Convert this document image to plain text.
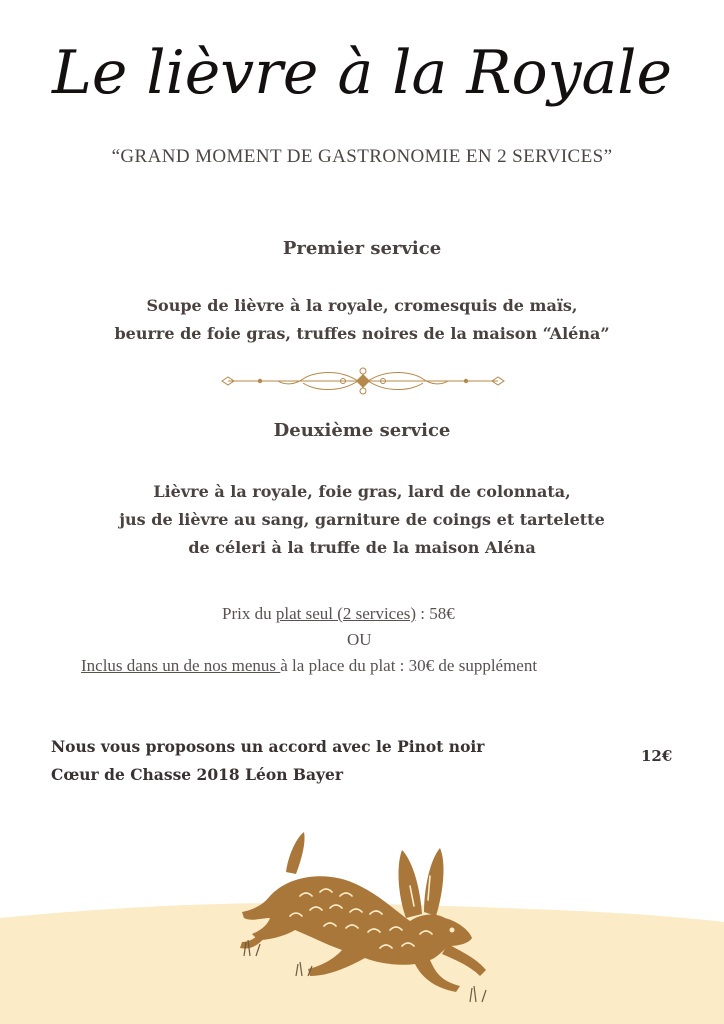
Le lièvre à la Royale
“GRAND MOMENT DE GASTRONOMIE EN 2 SERVICES”
Premier service
Soupe de lièvre à la royale, cromesquis de maïs,
beurre de foie gras, truffes noires de la maison “Aléna”
Deuxième service
Lièvre à la royale, foie gras, lard de colonnata,
jus de lièvre au sang, garniture de coings et tartelette
de céleri à la truffe de la maison Aléna
Prix du plat seul (2 services) : 58€
OU
Inclus dans un de nos menus à la place du plat : 30€ de supplément
Nous vous proposons un accord avec le Pinot noir
Cœur de Chasse 2018 Léon Bayer
12€
